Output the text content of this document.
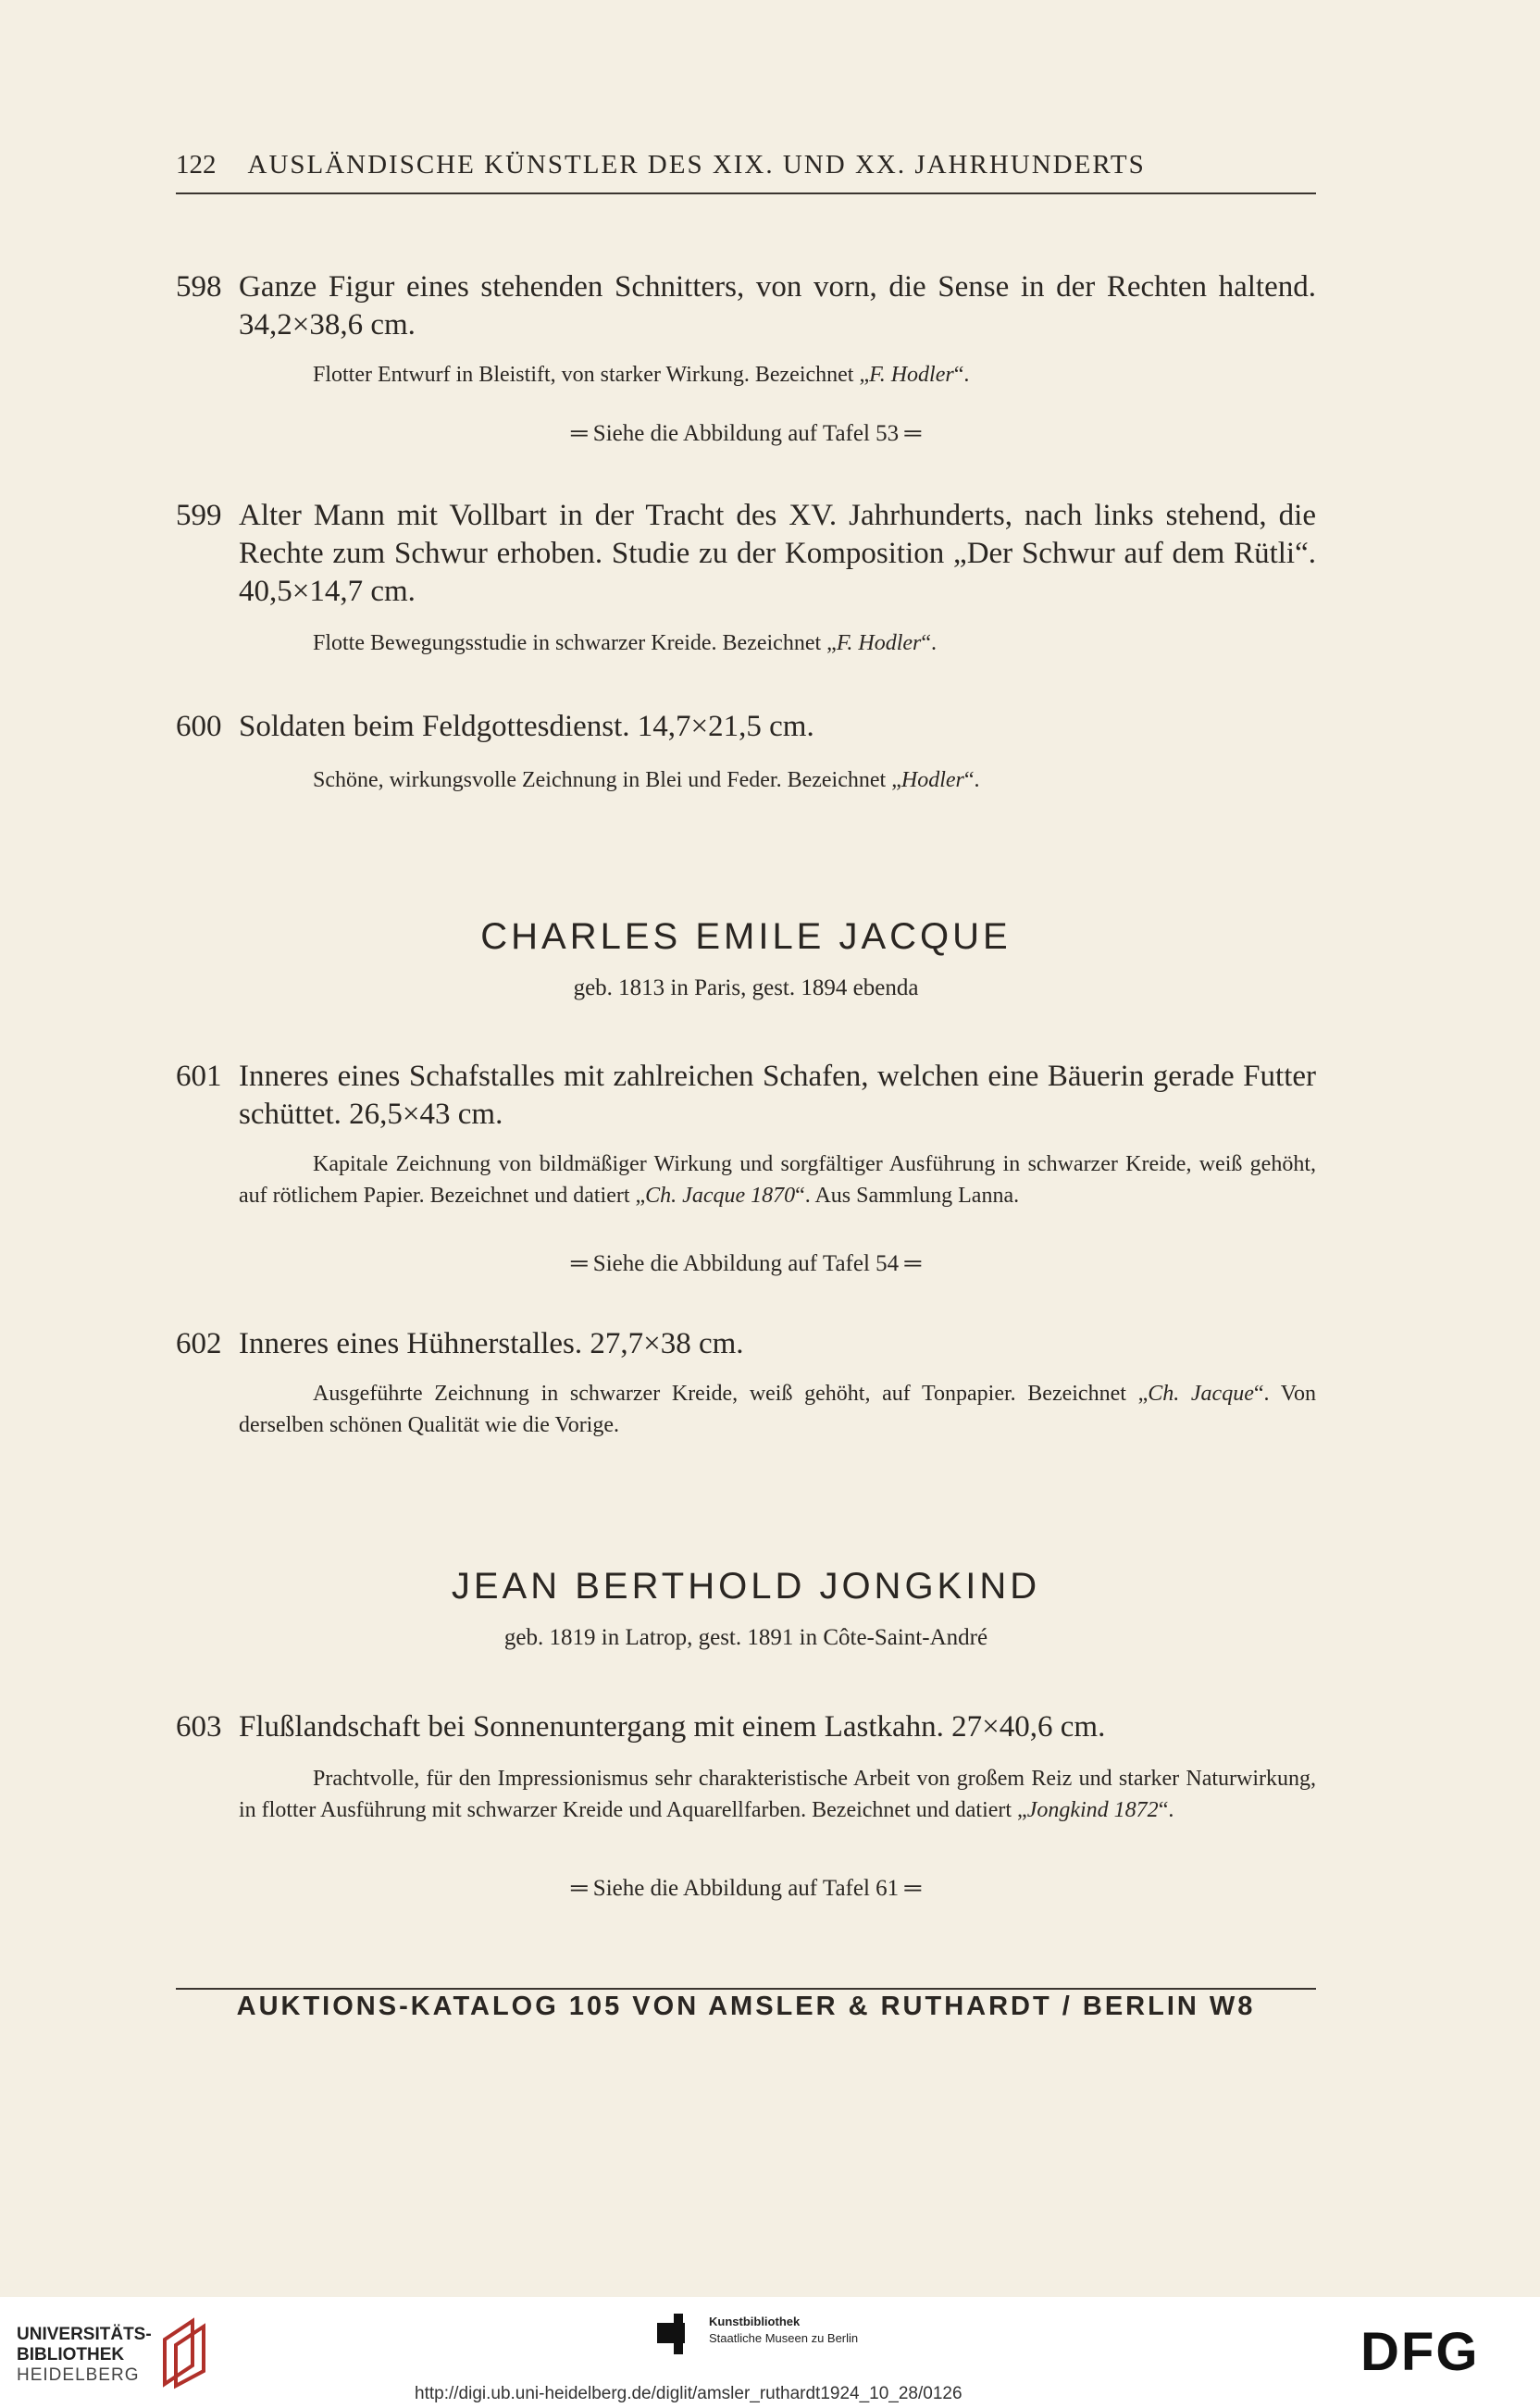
122 AUSLÄNDISCHE KÜNSTLER DES XIX. UND XX. JAHRHUNDERTS

598 Ganze Figur eines stehenden Schnitters, von vorn, die Sense in der Rechten haltend. 34,2×38,6 cm.

Flotter Entwurf in Bleistift, von starker Wirkung. Bezeichnet „F. Hodler“.

═ Siehe die Abbildung auf Tafel 53 ═

599 Alter Mann mit Vollbart in der Tracht des XV. Jahrhunderts, nach links stehend, die Rechte zum Schwur erhoben. Studie zu der Komposition „Der Schwur auf dem Rütli“. 40,5×14,7 cm.

Flotte Bewegungsstudie in schwarzer Kreide. Bezeichnet „F. Hodler“.

600 Soldaten beim Feldgottesdienst. 14,7×21,5 cm.

Schöne, wirkungsvolle Zeichnung in Blei und Feder. Bezeichnet „Hodler“.

CHARLES EMILE JACQUE
geb. 1813 in Paris, gest. 1894 ebenda

601 Inneres eines Schafstalles mit zahlreichen Schafen, welchen eine Bäuerin gerade Futter schüttet. 26,5×43 cm.

Kapitale Zeichnung von bildmäßiger Wirkung und sorgfältiger Ausführung in schwarzer Kreide, weiß gehöht, auf rötlichem Papier. Bezeichnet und datiert „Ch. Jacque 1870“. Aus Sammlung Lanna.

═ Siehe die Abbildung auf Tafel 54 ═

602 Inneres eines Hühnerstalles. 27,7×38 cm.

Ausgeführte Zeichnung in schwarzer Kreide, weiß gehöht, auf Tonpapier. Bezeichnet „Ch. Jacque“. Von derselben schönen Qualität wie die Vorige.

JEAN BERTHOLD JONGKIND
geb. 1819 in Latrop, gest. 1891 in Côte-Saint-André

603 Flußlandschaft bei Sonnenuntergang mit einem Lastkahn. 27×40,6 cm.

Prachtvolle, für den Impressionismus sehr charakteristische Arbeit von großem Reiz und starker Naturwirkung, in flotter Ausführung mit schwarzer Kreide und Aquarellfarben. Bezeichnet und datiert „Jongkind 1872“.

═ Siehe die Abbildung auf Tafel 61 ═
AUKTIONS-KATALOG 105 VON AMSLER & RUTHARDT / BERLIN W8
UNIVERSITÄTS-
BIBLIOTHEK
HEIDELBERG
Kunstbibliothek
Staatliche Museen zu Berlin	DFG
http://digi.ub.uni-heidelberg.de/diglit/amsler_ruthardt1924_10_28/0126
